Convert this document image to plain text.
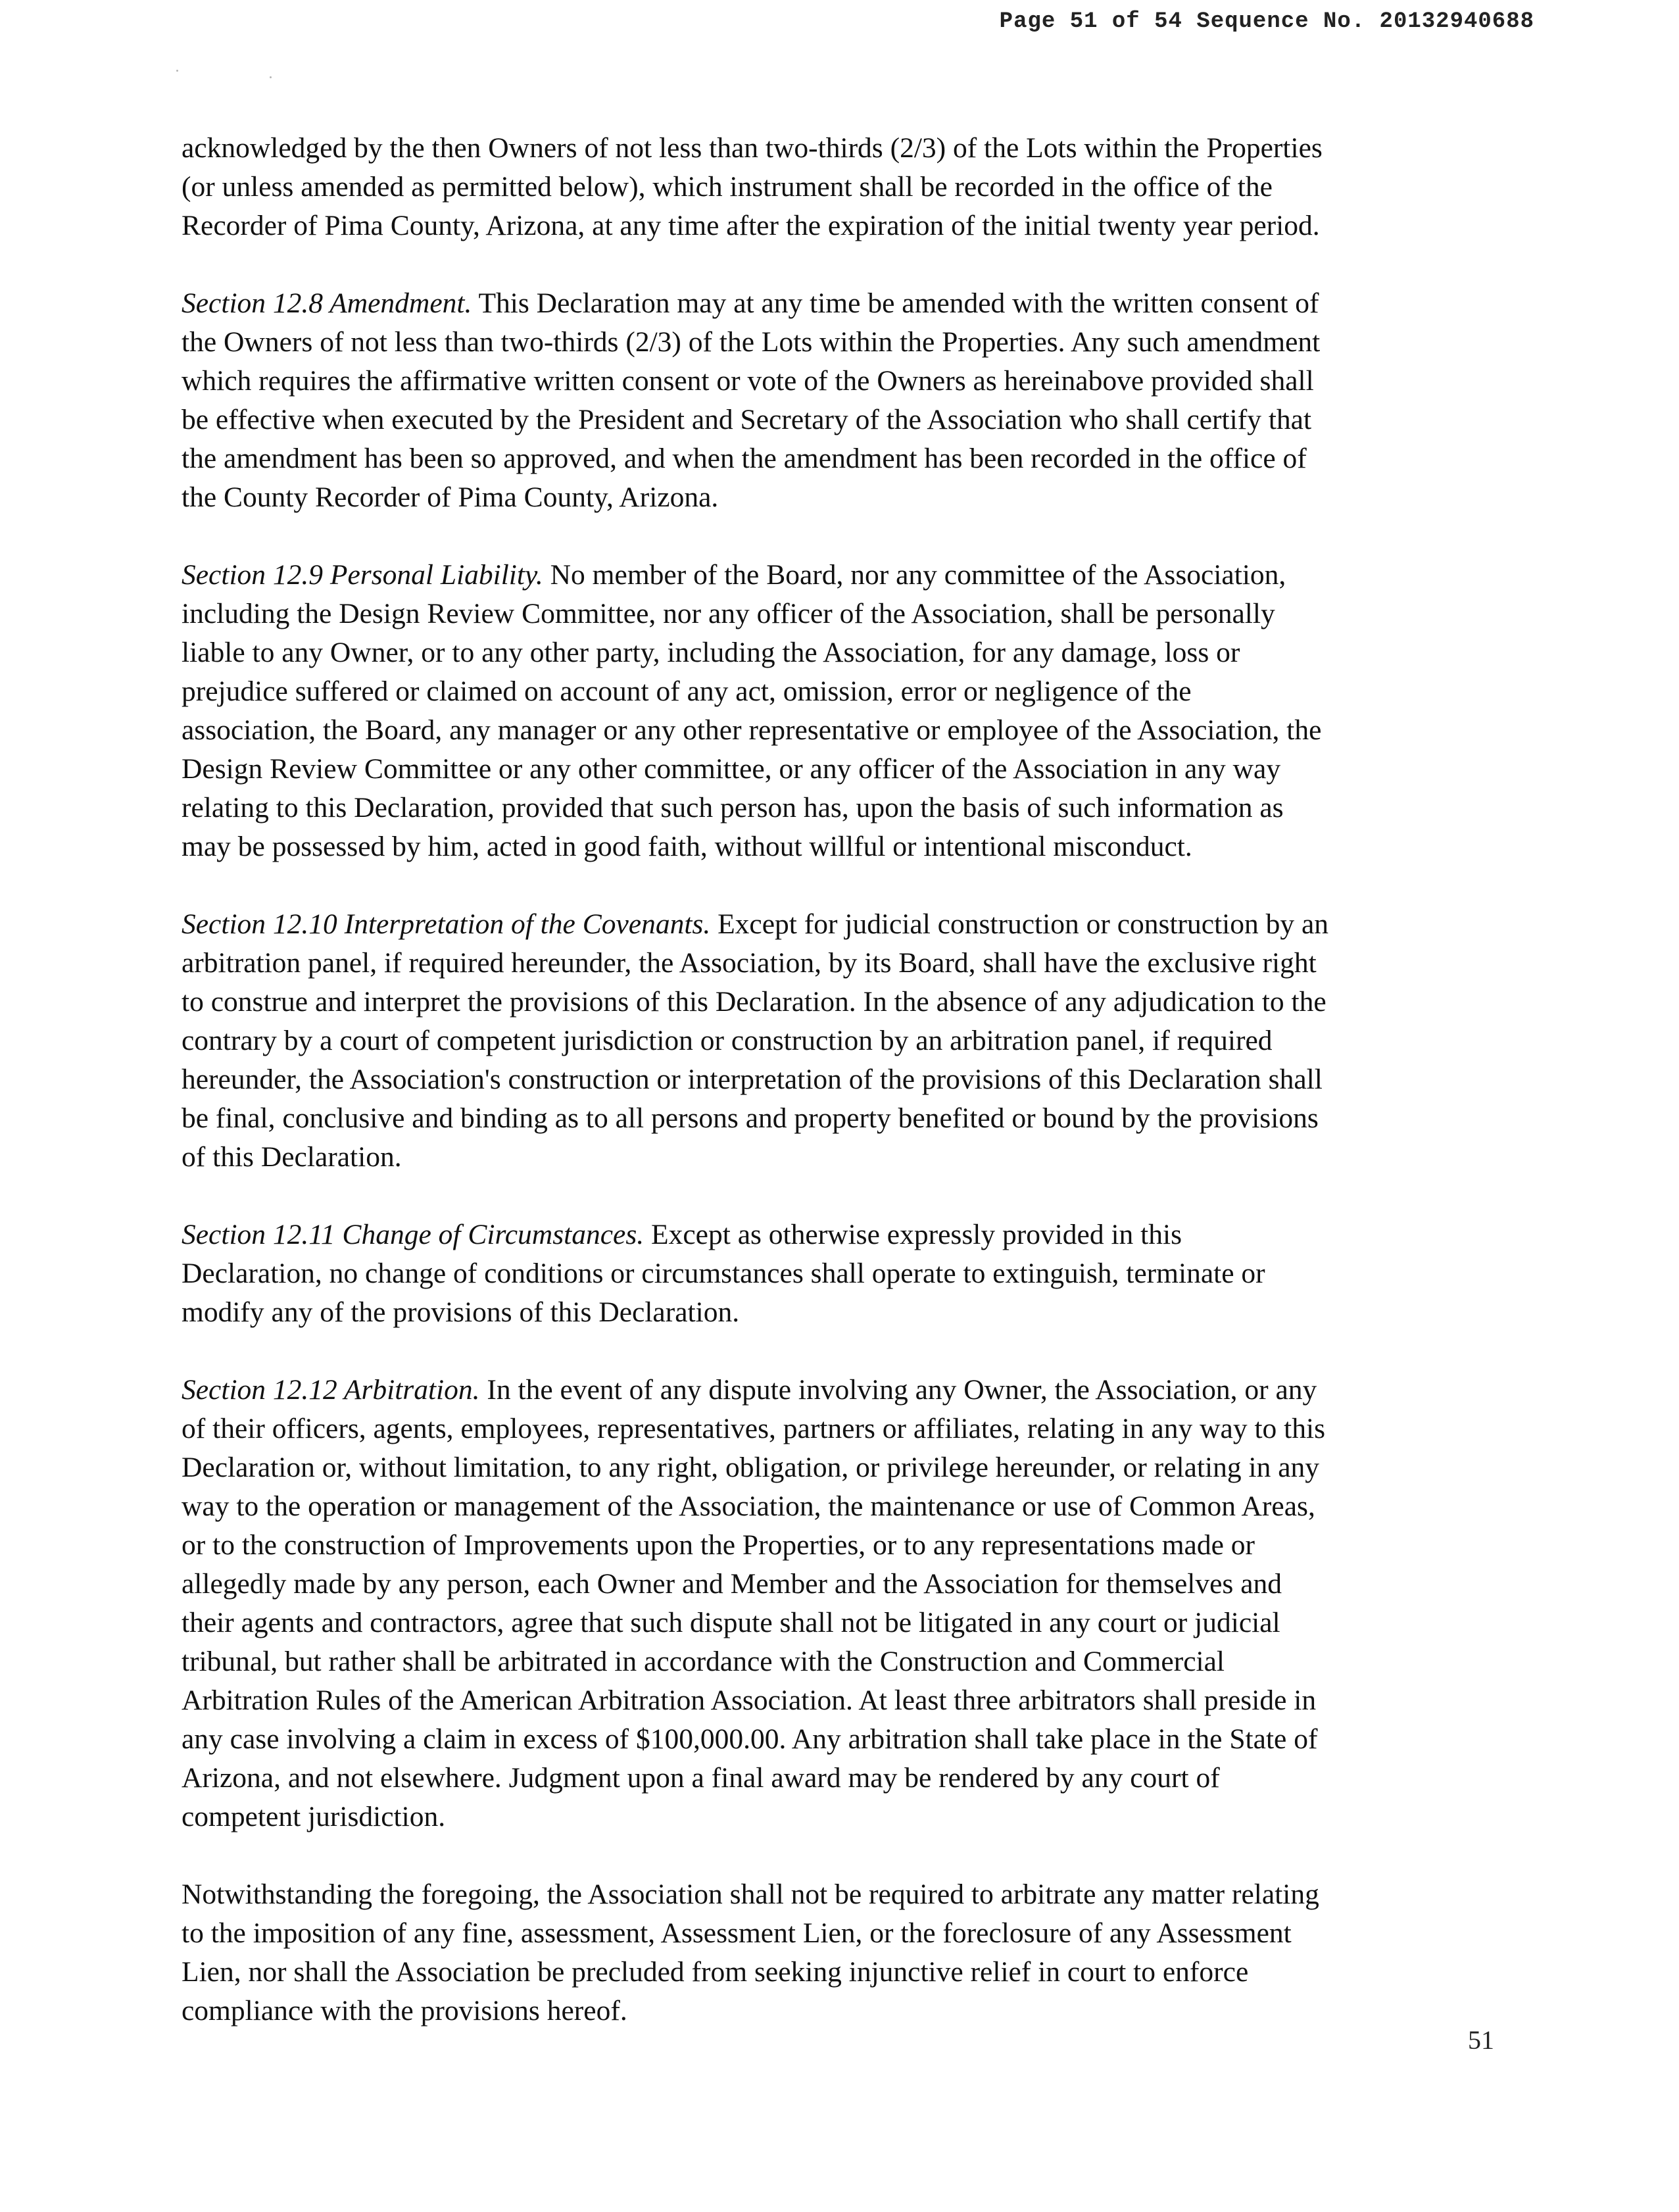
Page 51 of 54 Sequence No. 20132940688
acknowledged by the then Owners of not less than two-thirds (2/3) of the Lots within the Properties
(or unless amended as permitted below), which instrument shall be recorded in the office of the
Recorder of Pima County, Arizona, at any time after the expiration of the initial twenty year period.
Section 12.8 Amendment. This Declaration may at any time be amended with the written consent of
the Owners of not less than two-thirds (2/3) of the Lots within the Properties. Any such amendment
which requires the affirmative written consent or vote of the Owners as hereinabove provided shall
be effective when executed by the President and Secretary of the Association who shall certify that
the amendment has been so approved, and when the amendment has been recorded in the office of
the County Recorder of Pima County, Arizona.
Section 12.9 Personal Liability. No member of the Board, nor any committee of the Association,
including the Design Review Committee, nor any officer of the Association, shall be personally
liable to any Owner, or to any other party, including the Association, for any damage, loss or
prejudice suffered or claimed on account of any act, omission, error or negligence of the
association, the Board, any manager or any other representative or employee of the Association, the
Design Review Committee or any other committee, or any officer of the Association in any way
relating to this Declaration, provided that such person has, upon the basis of such information as
may be possessed by him, acted in good faith, without willful or intentional misconduct.
Section 12.10 Interpretation of the Covenants. Except for judicial construction or construction by an
arbitration panel, if required hereunder, the Association, by its Board, shall have the exclusive right
to construe and interpret the provisions of this Declaration. In the absence of any adjudication to the
contrary by a court of competent jurisdiction or construction by an arbitration panel, if required
hereunder, the Association's construction or interpretation of the provisions of this Declaration shall
be final, conclusive and binding as to all persons and property benefited or bound by the provisions
of this Declaration.
Section 12.11 Change of Circumstances. Except as otherwise expressly provided in this
Declaration, no change of conditions or circumstances shall operate to extinguish, terminate or
modify any of the provisions of this Declaration.
Section 12.12 Arbitration. In the event of any dispute involving any Owner, the Association, or any
of their officers, agents, employees, representatives, partners or affiliates, relating in any way to this
Declaration or, without limitation, to any right, obligation, or privilege hereunder, or relating in any
way to the operation or management of the Association, the maintenance or use of Common Areas,
or to the construction of Improvements upon the Properties, or to any representations made or
allegedly made by any person, each Owner and Member and the Association for themselves and
their agents and contractors, agree that such dispute shall not be litigated in any court or judicial
tribunal, but rather shall be arbitrated in accordance with the Construction and Commercial
Arbitration Rules of the American Arbitration Association. At least three arbitrators shall preside in
any case involving a claim in excess of $100,000.00. Any arbitration shall take place in the State of
Arizona, and not elsewhere. Judgment upon a final award may be rendered by any court of
competent jurisdiction.
Notwithstanding the foregoing, the Association shall not be required to arbitrate any matter relating
to the imposition of any fine, assessment, Assessment Lien, or the foreclosure of any Assessment
Lien, nor shall the Association be precluded from seeking injunctive relief in court to enforce
compliance with the provisions hereof.
51
